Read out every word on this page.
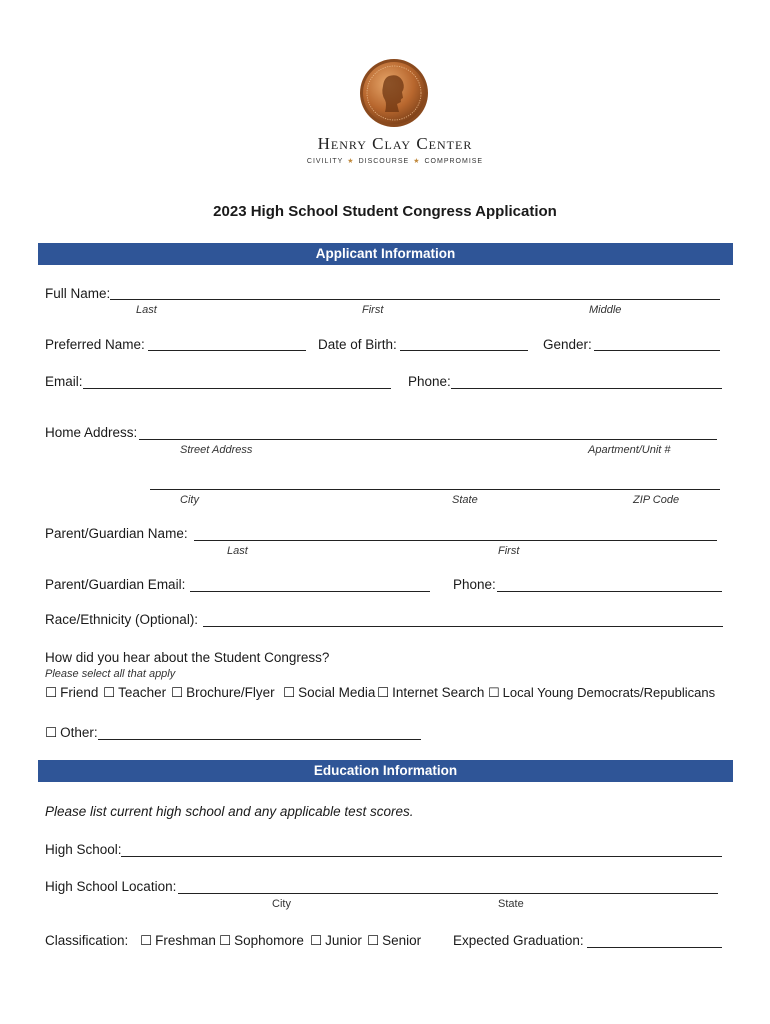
Henry Clay Center
CIVILITY ★ DISCOURSE ★ COMPROMISE
2023 High School Student Congress Application
Applicant Information
Full Name:
Last	First	Middle
Preferred Name:	Date of Birth:	Gender:
Email:	Phone:
Home Address:
Street Address	Apartment/Unit #
City	State	ZIP Code
Parent/Guardian Name:
Last	First
Parent/Guardian Email:	Phone:
Race/Ethnicity (Optional):
How did you hear about the Student Congress?
Please select all that apply
☐ Friend ☐ Teacher ☐ Brochure/Flyer ☐ Social Media ☐ Internet Search ☐ Local Young Democrats/Republicans
☐ Other:
Education Information
Please list current high school and any applicable test scores.
High School:
High School Location:
City	State
Classification: ☐ Freshman ☐ Sophomore ☐ Junior ☐ Senior Expected Graduation:
